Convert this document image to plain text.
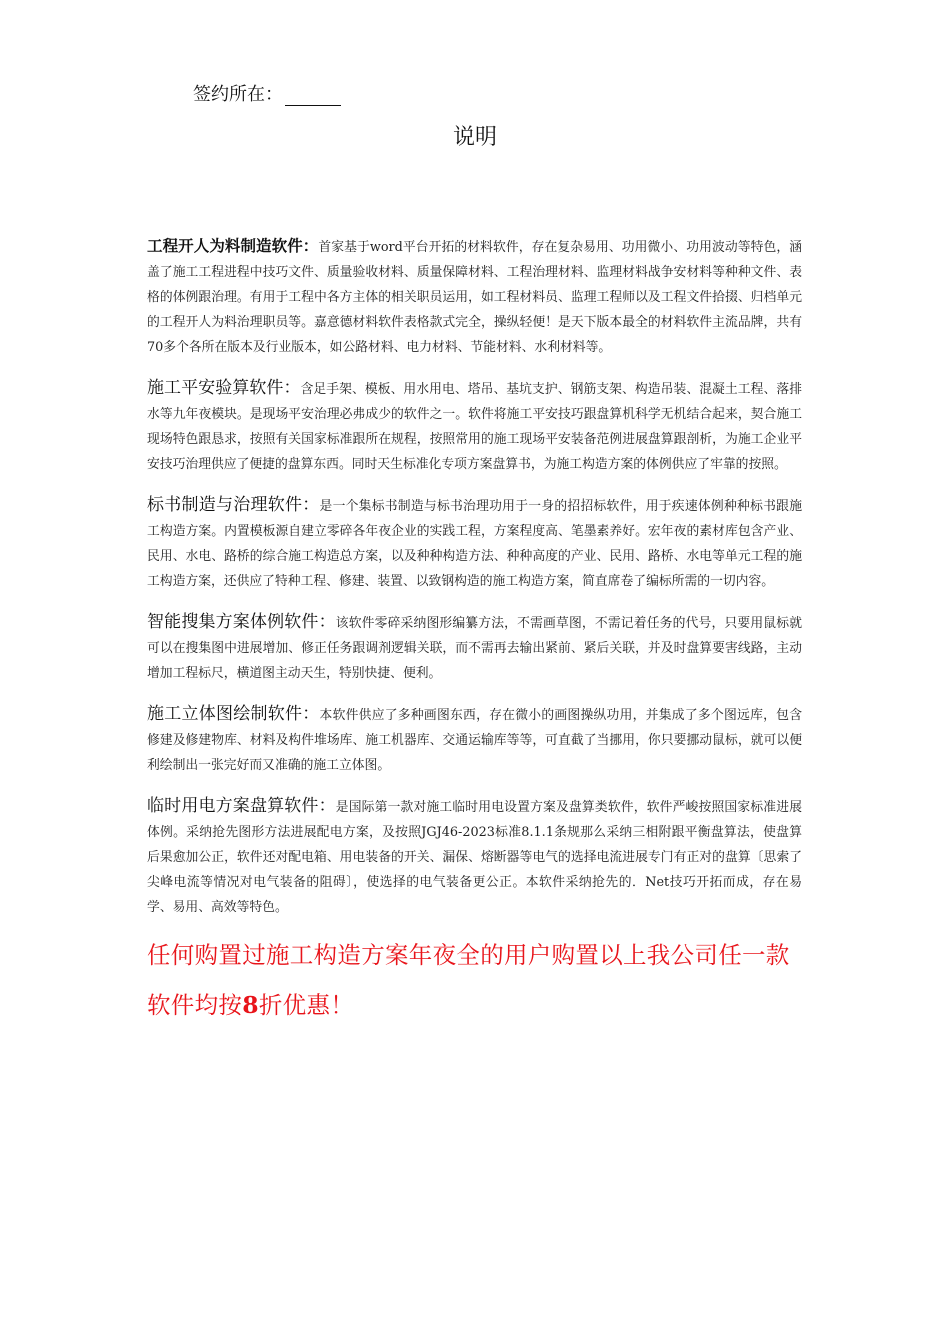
签约所在：
说明

工程开人为料制造软件：首家基于word平台开拓的材料软件，存在复杂易用、功用微小、功用波动等特色，涵盖了施工工程进程中技巧文件、质量验收材料、质量保障材料、工程治理材料、监理材料战争安材料等种种文件、表格的体例跟治理。有用于工程中各方主体的相关职员运用，如工程材料员、监理工程师以及工程文件拾掇、归档单元的工程开人为料治理职员等。嘉意德材料软件表格款式完全，操纵轻便！是天下版本最全的材料软件主流品牌，共有70多个各所在版本及行业版本，如公路材料、电力材料、节能材料、水利材料等。

施工平安验算软件：含足手架、模板、用水用电、塔吊、基坑支护、钢筋支架、构造吊装、混凝土工程、落排水等九年夜模块。是现场平安治理必弗成少的软件之一。软件将施工平安技巧跟盘算机科学无机结合起来，契合施工现场特色跟恳求，按照有关国家标准跟所在规程，按照常用的施工现场平安装备范例进展盘算跟剖析，为施工企业平安技巧治理供应了便捷的盘算东西。同时天生标准化专项方案盘算书，为施工构造方案的体例供应了牢靠的按照。

标书制造与治理软件：是一个集标书制造与标书治理功用于一身的招招标软件，用于疾速体例种种标书跟施工构造方案。内置模板源自建立零碎各年夜企业的实践工程，方案程度高、笔墨素养好。宏年夜的素材库包含产业、民用、水电、路桥的综合施工构造总方案，以及种种构造方法、种种高度的产业、民用、路桥、水电等单元工程的施工构造方案，还供应了特种工程、修建、装置、以致钢构造的施工构造方案，简直席卷了编标所需的一切内容。

智能搜集方案体例软件：该软件零碎采纳图形编纂方法，不需画草图，不需记着任务的代号，只要用鼠标就可以在搜集图中进展增加、修正任务跟调剂逻辑关联，而不需再去输出紧前、紧后关联，并及时盘算要害线路，主动增加工程标尺，横道图主动天生，特别快捷、便利。

施工立体图绘制软件：本软件供应了多种画图东西，存在微小的画图操纵功用，并集成了多个图远库，包含修建及修建物库、材料及构件堆场库、施工机器库、交通运输库等等，可直截了当挪用，你只要挪动鼠标，就可以便利绘制出一张完好而又准确的施工立体图。

临时用电方案盘算软件：是国际第一款对施工临时用电设置方案及盘算类软件，软件严峻按照国家标准进展体例。采纳抢先图形方法进展配电方案，及按照JGJ46-2023标准8.1.1条规那么采纳三相附跟平衡盘算法，使盘算后果愈加公正，软件还对配电箱、用电装备的开关、漏保、熔断器等电气的选择电流进展专门有正对的盘算〔思索了尖峰电流等情况对电气装备的阻碍〕，使选择的电气装备更公正。本软件采纳抢先的．Net技巧开拓而成，存在易学、易用、高效等特色。

任何购置过施工构造方案年夜全的用户购置以上我公司任一款软件均按8折优惠！
